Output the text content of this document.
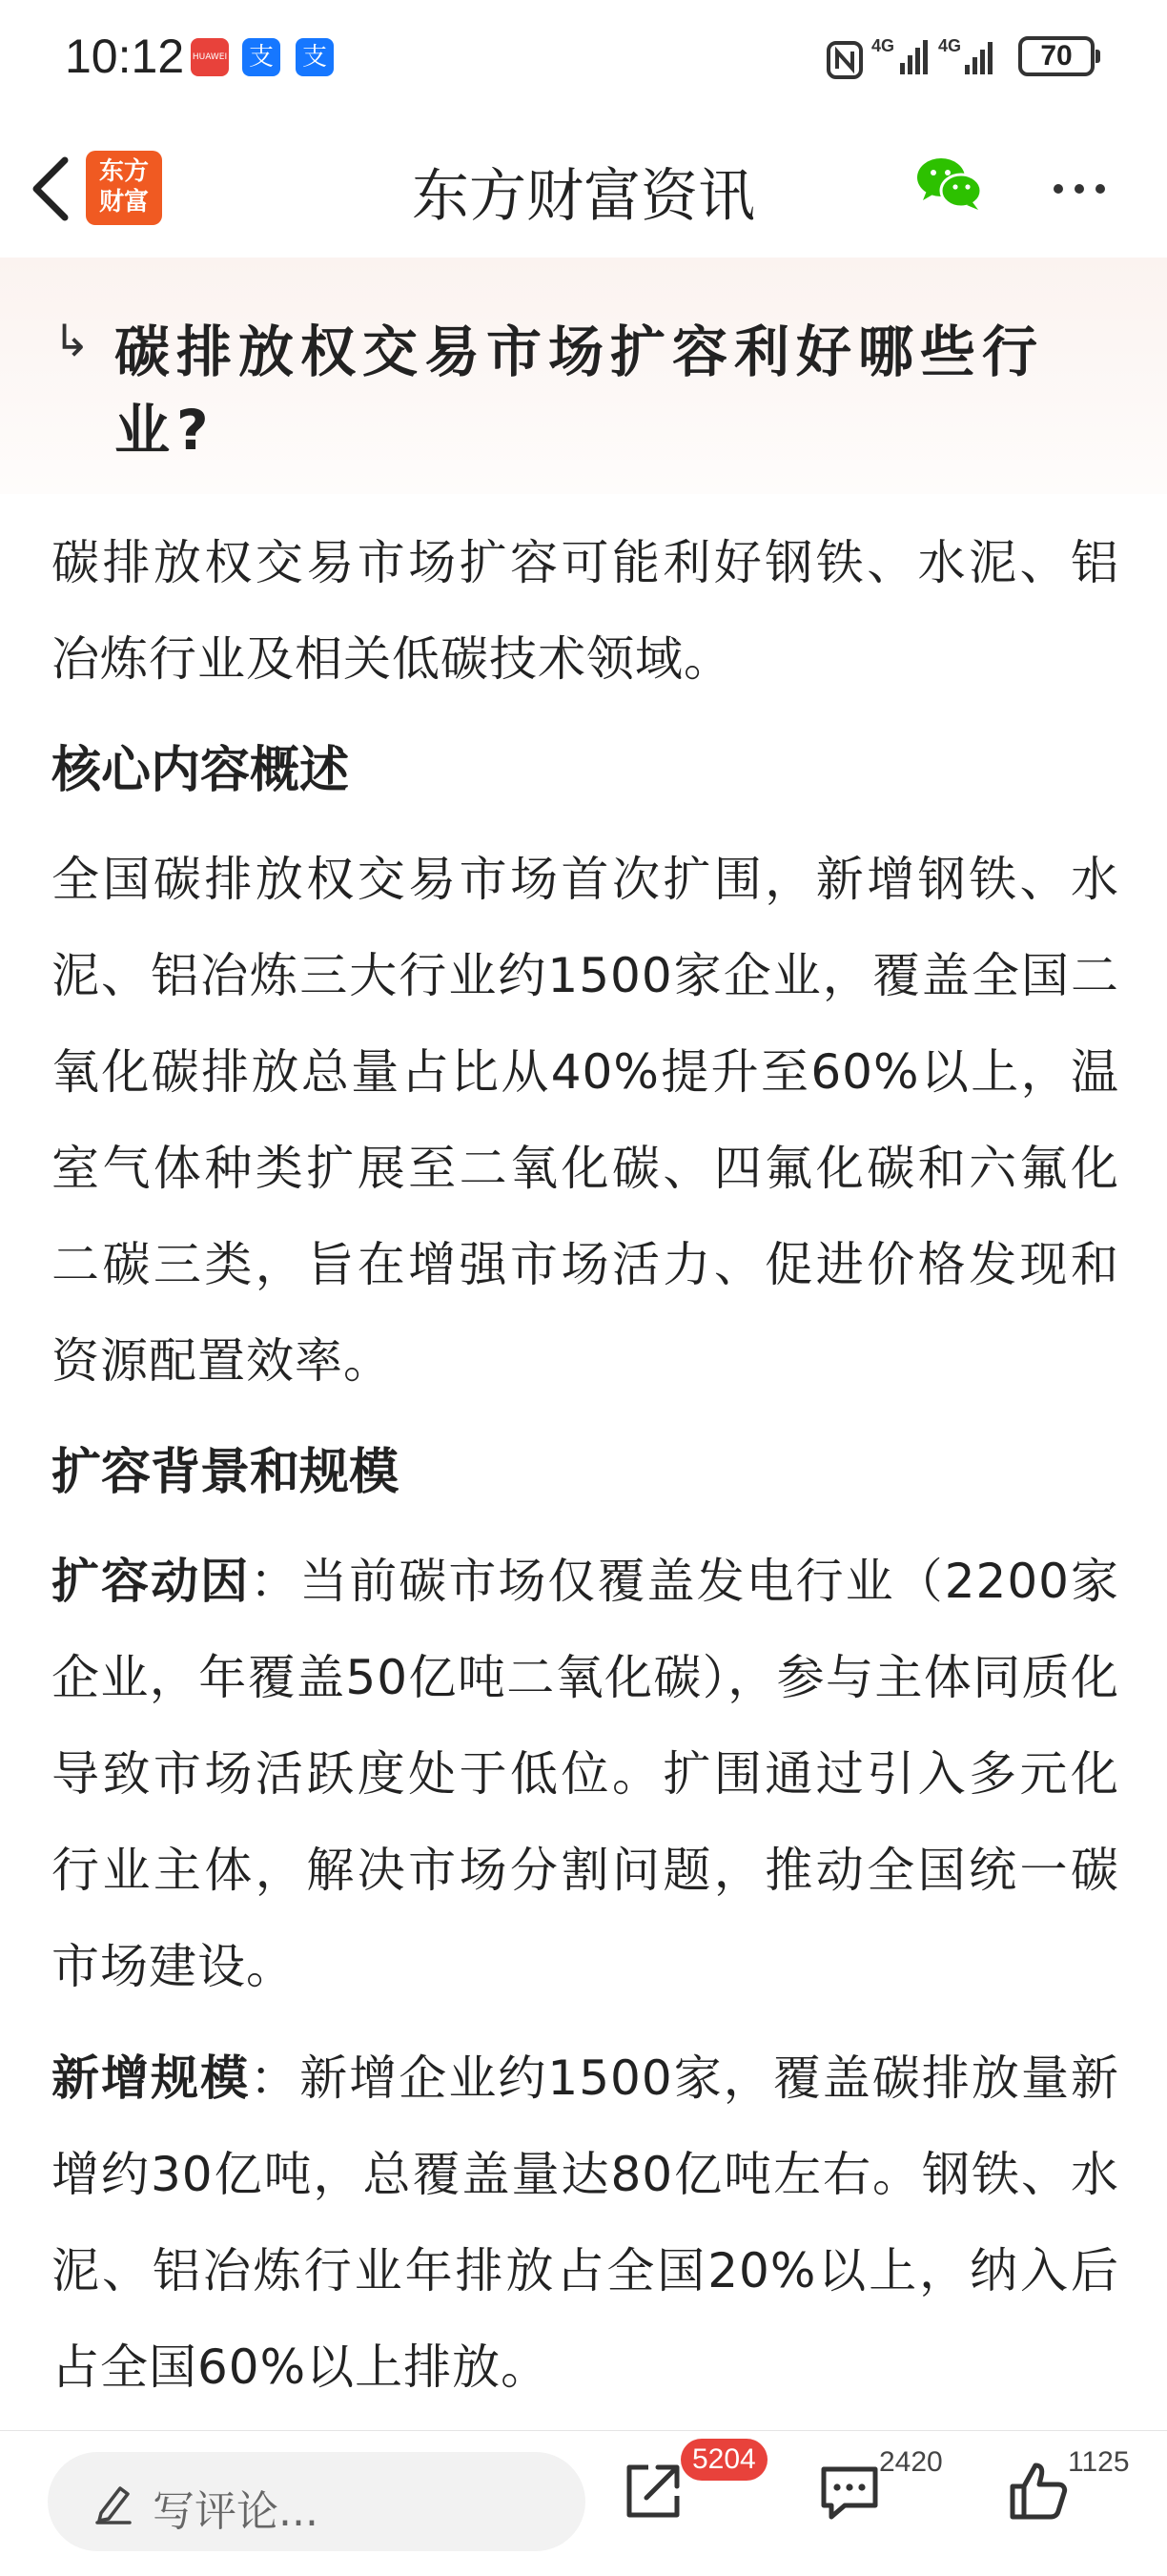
10:12 HUAWEI 支 支	4G	4G	70
东方
财富	东方财富资讯
↳ 碳排放权交易市场扩容利好哪些行业?

碳排放权交易市场扩容可能利好钢铁、水泥、铝冶炼行业及相关低碳技术领域。

核心内容概述

全国碳排放权交易市场首次扩围，新增钢铁、水泥、铝冶炼三大行业约1500家企业，覆盖全国二氧化碳排放总量占比从40%提升至60%以上，温室气体种类扩展至二氧化碳、四氟化碳和六氟化二碳三类，旨在增强市场活力、促进价格发现和资源配置效率。

扩容背景和规模

扩容动因：当前碳市场仅覆盖发电行业（2200家企业，年覆盖50亿吨二氧化碳），参与主体同质化导致市场活跃度处于低位。扩围通过引入多元化行业主体，解决市场分割问题，推动全国统一碳市场建设。

新增规模：新增企业约1500家，覆盖碳排放量新增约30亿吨，总覆盖量达80亿吨左右。钢铁、水泥、铝冶炼行业年排放占全国20%以上，纳入后占全国60%以上排放。

写评论...
5204	2420	1125
